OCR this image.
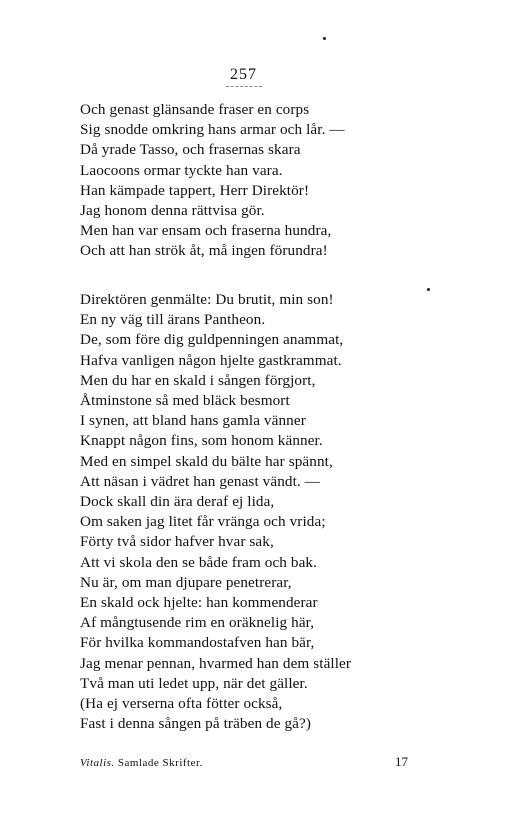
257
Och genast glänsande fraser en corps
Sig snodde omkring hans armar och lår. —
Då yrade Tasso, och frasernas skara
Laocoons ormar tyckte han vara.
Han kämpade tappert, Herr Direktör!
Jag honom denna rättvisa gör.
Men han var ensam och fraserna hundra,
Och att han strök åt, må ingen förundra!
Direktören genmälte: Du brutit, min son!
En ny väg till ärans Pantheon.
De, som före dig guldpenningen anammat,
Hafva vanligen någon hjelte gastkrammat.
Men du har en skald i sången förgjort,
Åtminstone så med bläck besmort
I synen, att bland hans gamla vänner
Knappt någon fins, som honom känner.
Med en simpel skald du bälte har spännt,
Att näsan i vädret han genast vändt. —
Dock skall din ära deraf ej lida,
Om saken jag litet får vränga och vrida;
Förty två sidor hafver hvar sak,
Att vi skola den se både fram och bak.
Nu är, om man djupare penetrerar,
En skald ock hjelte: han kommenderar
Af mångtusende rim en oräknelig här,
För hvilka kommandostafven han bär,
Jag menar pennan, hvarmed han dem ställer
Två man uti ledet upp, när det gäller.
(Ha ej verserna ofta fötter också,
Fast i denna sången på träben de gå?)
Vitalis. Samlade Skrifter.	17
